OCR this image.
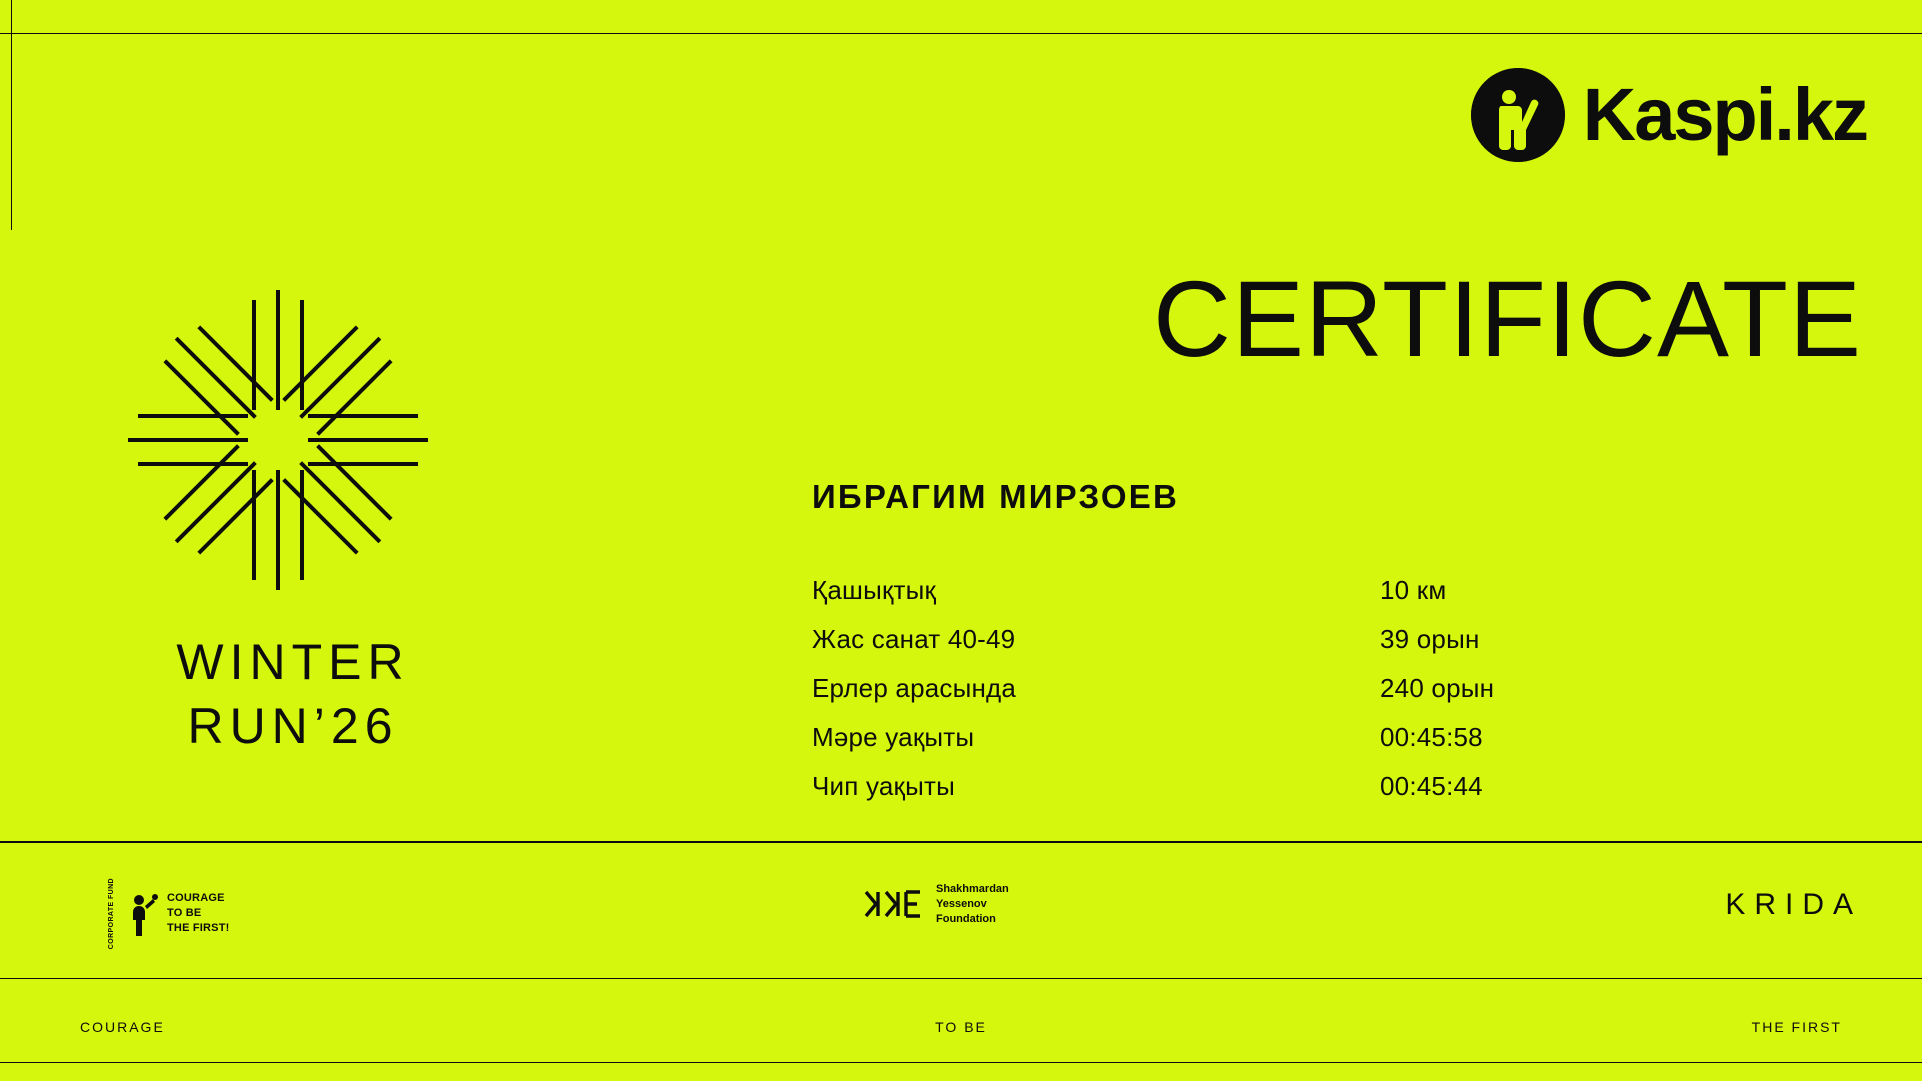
Kaspi.kz
WINTER
RUN’26
CERTIFICATE
ИБРАГИМ МИРЗОЕВ
Қашықтық	10 км
Жас санат 40-49	39 орын
Ерлер арасында	240 орын
Мәре уақыты	00:45:58
Чип уақыты	00:45:44
CORPORATE FUND	COURAGE
TO BE
THE FIRST!
Shakhmardan
Yessenov
Foundation	KRIDA
COURAGE	TO BE	THE FIRST
